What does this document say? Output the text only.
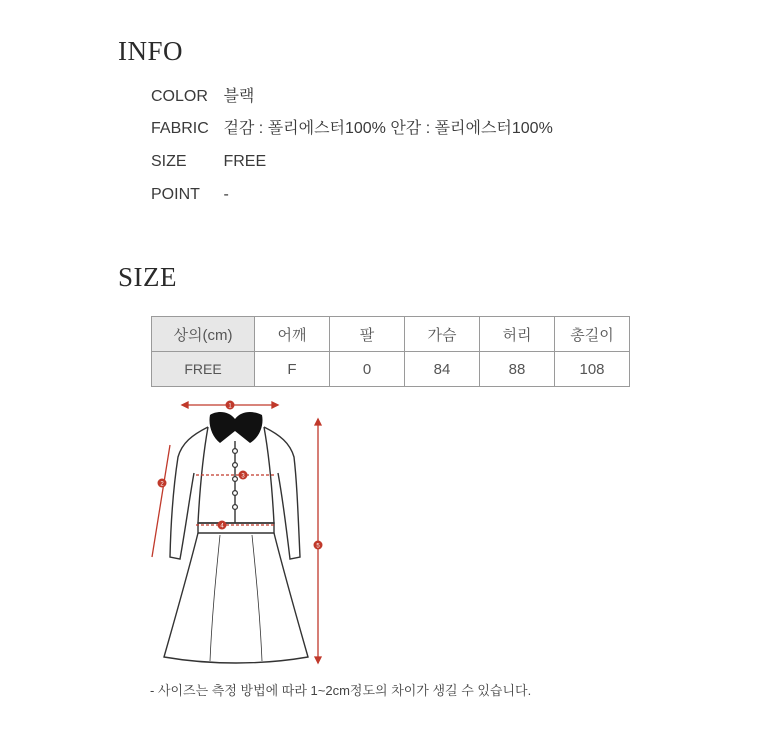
INFO
COLOR 블랙
FABRIC 겉감 : 폴리에스터100% 안감 : 폴리에스터100%
SIZE FREE
POINT -
SIZE
상의(cm)	어깨	팔	가슴	허리	총길이
FREE	F	0	84	88	108
1
2
3
4
5
- 사이즈는 측정 방법에 따라 1~2cm정도의 차이가 생길 수 있습니다.
